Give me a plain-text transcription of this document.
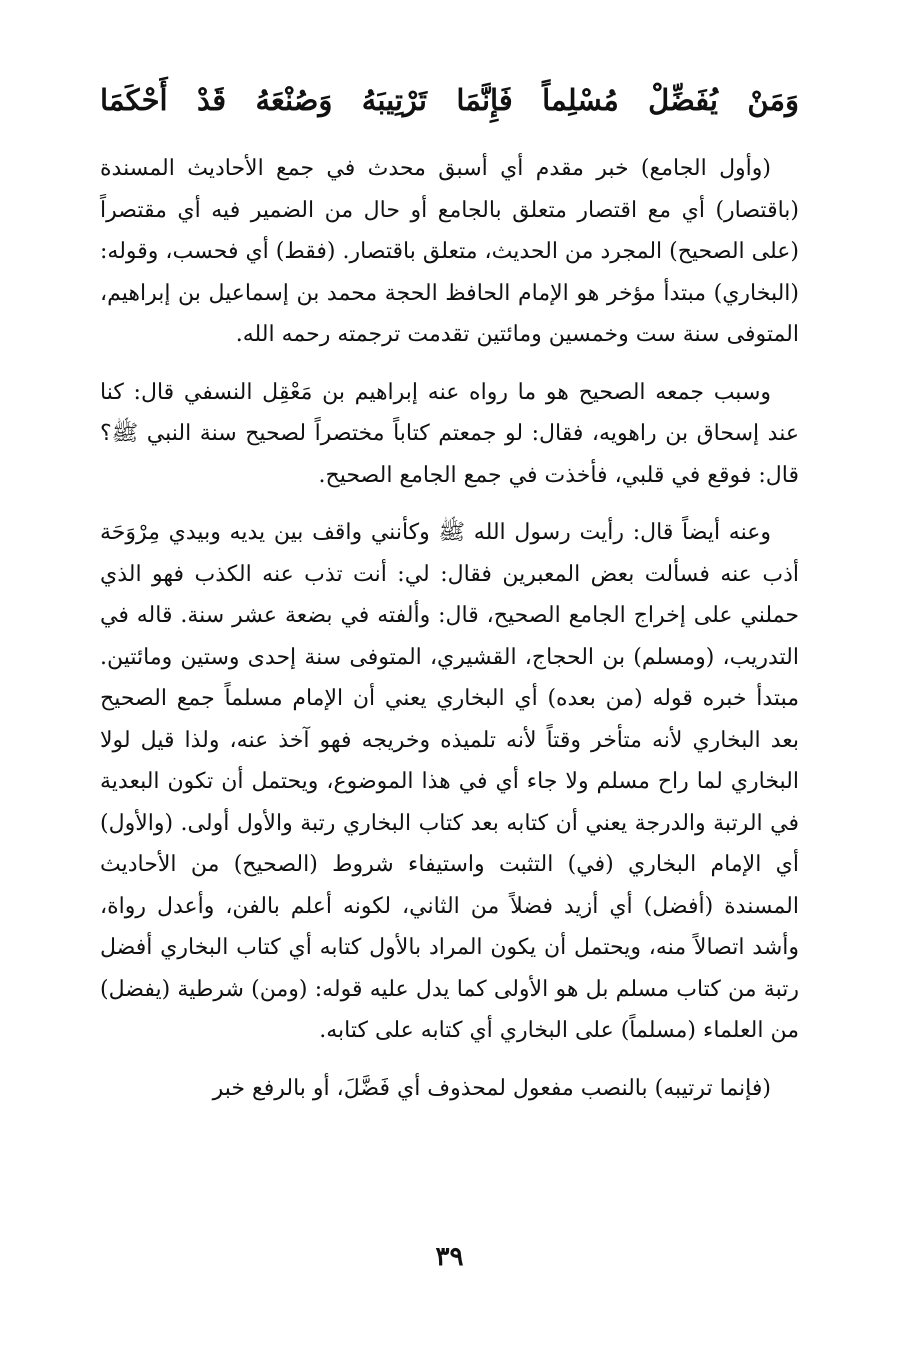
وَمَنْ يُفَضِّلْ مُسْلِماً فَإِنَّمَا تَرْتِيبَهُ وَصُنْعَهُ قَدْ أَحْكَمَا

(وأول الجامع) خبر مقدم أي أسبق محدث في جمع الأحاديث المسندة (باقتصار) أي مع اقتصار متعلق بالجامع أو حال من الضمير فيه أي مقتصراً (على الصحيح) المجرد من الحديث، متعلق باقتصار. (فقط) أي فحسب، وقوله: (البخاري) مبتدأ مؤخر هو الإمام الحافظ الحجة محمد بن إسماعيل بن إبراهيم، المتوفى سنة ست وخمسين ومائتين تقدمت ترجمته رحمه الله.

وسبب جمعه الصحيح هو ما رواه عنه إبراهيم بن مَعْقِل النسفي قال: كنا عند إسحاق بن راهويه، فقال: لو جمعتم كتاباً مختصراً لصحيح سنة النبي ﷺ؟ قال: فوقع في قلبي، فأخذت في جمع الجامع الصحيح.

وعنه أيضاً قال: رأيت رسول الله ﷺ وكأنني واقف بين يديه وبيدي مِرْوَحَة أذب عنه فسألت بعض المعبرين فقال: لي: أنت تذب عنه الكذب فهو الذي حملني على إخراج الجامع الصحيح، قال: وألفته في بضعة عشر سنة. قاله في التدريب، (ومسلم) بن الحجاج، القشيري، المتوفى سنة إحدى وستين ومائتين. مبتدأ خبره قوله (من بعده) أي البخاري يعني أن الإمام مسلماً جمع الصحيح بعد البخاري لأنه متأخر وقتاً لأنه تلميذه وخريجه فهو آخذ عنه، ولذا قيل لولا البخاري لما راح مسلم ولا جاء أي في هذا الموضوع، ويحتمل أن تكون البعدية في الرتبة والدرجة يعني أن كتابه بعد كتاب البخاري رتبة والأول أولى. (والأول) أي الإمام البخاري (في) التثبت واستيفاء شروط (الصحيح) من الأحاديث المسندة (أفضل) أي أزيد فضلاً من الثاني، لكونه أعلم بالفن، وأعدل رواة، وأشد اتصالاً منه، ويحتمل أن يكون المراد بالأول كتابه أي كتاب البخاري أفضل رتبة من كتاب مسلم بل هو الأولى كما يدل عليه قوله: (ومن) شرطية (يفضل) من العلماء (مسلماً) على البخاري أي كتابه على كتابه.

(فإنما ترتيبه) بالنصب مفعول لمحذوف أي فَضَّلَ، أو بالرفع خبر

٣٩
